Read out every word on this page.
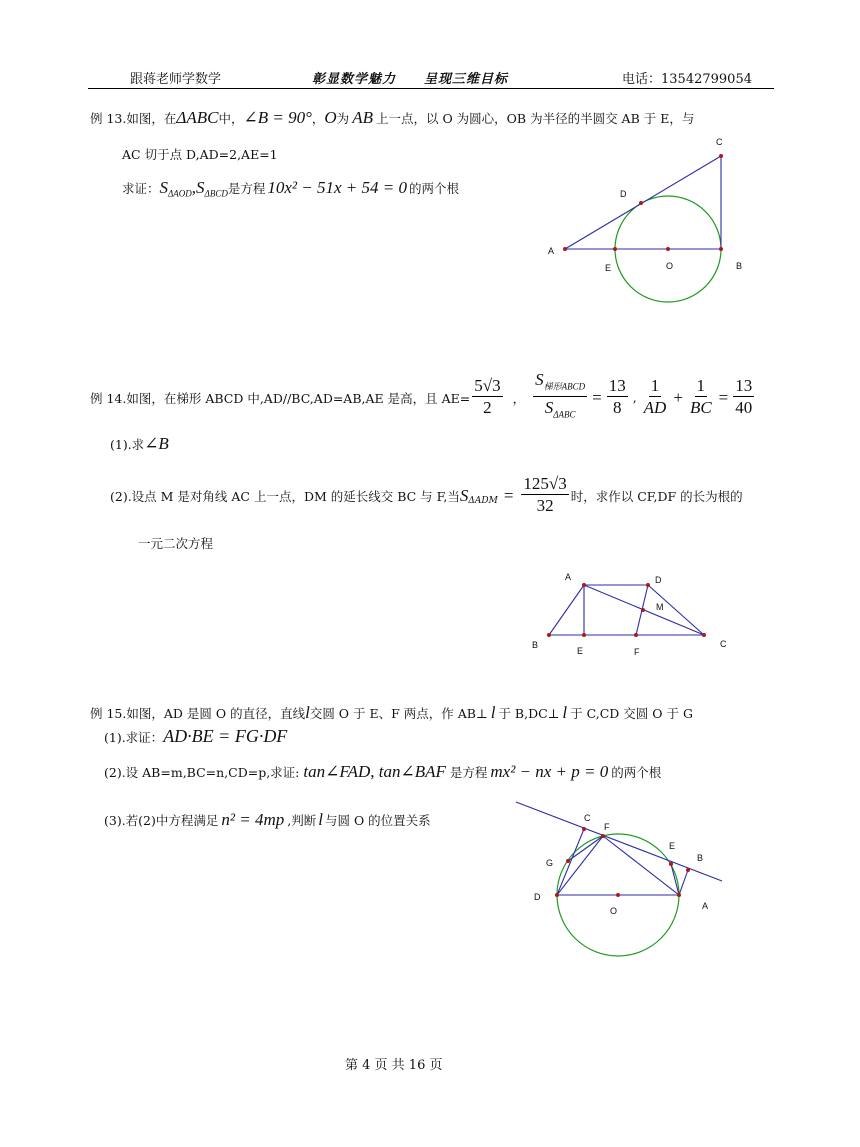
跟蒋老师学数学	彰显数学魅力　　呈现三维目标	电话：13542799054
例 13.如图，在ΔABC中，∠B = 90°，O为 AB 上一点，以 O 为圆心，OB 为半径的半圆交 AB 于 E，与
AC 切于点 D,AD=2,AE=1
求证：$S_{\Delta AOD},S_{\Delta BCD}$是方程 10x² − 51x + 54 = 0 的两个根
A
E	O	B
C
D
例 14.如图，在梯形 ABCD 中,AD//BC,AD=AB,AE 是高，且 $AE= \frac{5√3}{2}$ ， $\frac{S_{梯形ABCD}}{S_{\Delta ABC}} = \frac{13}{8}$ , $\frac{1}{AD} + \frac{1}{BC} = \frac{13}{40}$
(1).求∠B
(2).设点 M 是对角线 AC 上一点，DM 的延长线交 BC 与 F,当 $S_{\Delta ADM} = \frac{125√3}{32}$ 时，求作以 CF,DF 的长为根的
一元二次方程
A	D
M
B
E	F
C
例 15.如图，AD 是圆 O 的直径，直线l交圆 O 于 E、F 两点，作 AB⊥ l 于 B,DC⊥ l 于 C,CD 交圆 O 于 G
(1).求证：AD·BE = FG·DF
(2).设 AB=m,BC=n,CD=p,求证: tan∠FAD, tan∠BAF 是方程 mx² − nx + p = 0 的两个根
(3).若(2)中方程满足 n² = 4mp ,判断 l 与圆 O 的位置关系	C
F
E
B
G
D
O	A
第 4 页 共 16 页
